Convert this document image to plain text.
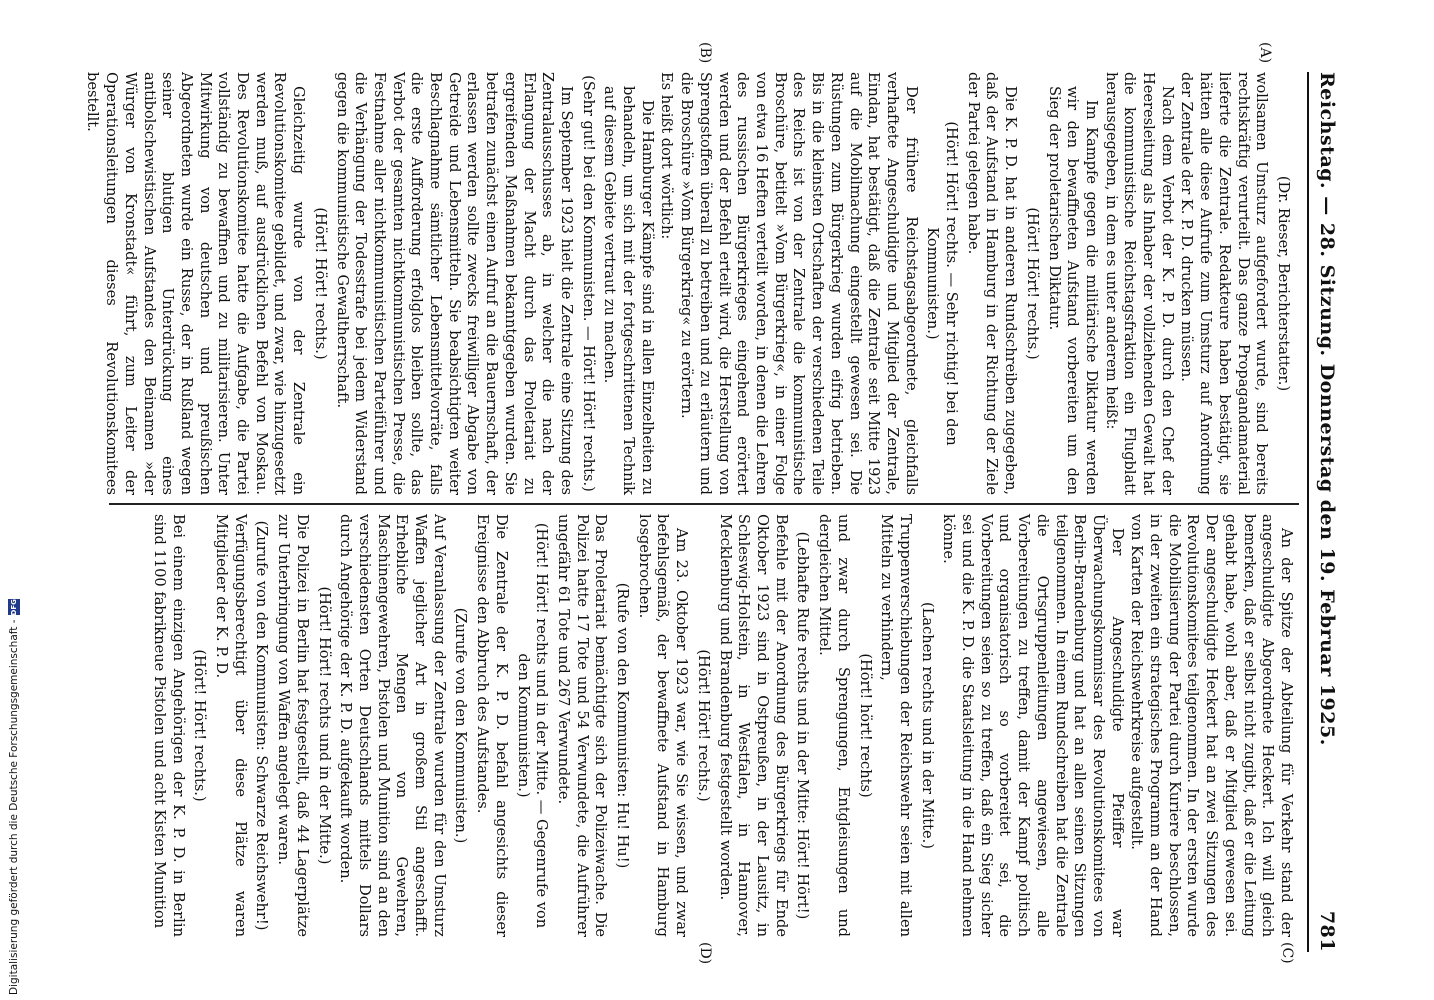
Reichstag. — 28. Sitzung. Donnerstag den 19. Februar 1925.
781
(A)
(B)
(C)
(D)

(Dr. Rieser, Berichterstatter.)

wollsamen Umsturz aufgefordert wurde, sind bereits rechtskräftig verurteilt. Das ganze Propagandamaterial lieferte die Zentrale. Redakteure haben bestätigt, sie hätten alle diese Aufrufe zum Umsturz auf Anordnung der Zentrale der K. P. D. drucken müssen.

Nach dem Verbot der K. P. D. durch den Chef der Heeresleitung als Inhaber der vollziehenden Gewalt hat die kommunistische Reichstagsfraktion ein Flugblatt herausgegeben, in dem es unter anderem heißt:

Im Kampfe gegen die militärische Diktatur werden wir den bewaffneten Aufstand vorbereiten um den Sieg der proletarischen Diktatur.

(Hört! Hört! rechts.)

Die K. P. D. hat in anderen Rundschreiben zugegeben, daß der Aufstand in Hamburg in der Richtung der Ziele der Partei gelegen habe.

(Hört! Hört! rechts. — Sehr richtig! bei den Kommunisten.)

Der frühere Reichstagsabgeordnete, gleichfalls verhaftete Angeschuldigte und Mitglied der Zentrale, Eindan, hat bestätigt, daß die Zentrale seit Mitte 1923 auf die Mobilmachung eingestellt gewesen sei. Die Rüstungen zum Bürgerkrieg wurden eifrig betrieben. Bis in die kleinsten Ortschaften der verschiedenen Teile des Reichs ist von der Zentrale die kommunistische Broschüre, betitelt »Vom Bürgerkrieg«, in einer Folge von etwa 16 Heften verteilt worden, in denen die Lehren des russischen Bürgerkrieges eingehend erörtert werden und der Befehl erteilt wird, die Herstellung von Sprengstoffen überall zu betreiben und zu erläutern und die Broschüre »Vom Bürgerkrieg« zu erörtern.

Es heißt dort wörtlich:

Die Hamburger Kämpfe sind in allen Einzelheiten zu behandeln, um sich mit der fortgeschrittenen Technik auf diesem Gebiete vertraut zu machen.

(Sehr gut! bei den Kommunisten. — Hört! Hört! rechts.)

Im September 1923 hielt die Zentrale eine Sitzung des Zentralausschusses ab, in welcher die nach der Erlangung der Macht durch das Proletariat zu ergreifenden Maßnahmen bekanntgegeben wurden. Sie betrafen zunächst einen Aufruf an die Bauernschaft, der erlassen werden sollte zwecks freiwilliger Abgabe von Getreide und Lebensmitteln. Sie beabsichtigten weiter Beschlagnahme sämtlicher Lebensmittelvorräte, falls die erste Aufforderung erfolglos bleiben sollte, das Verbot der gesamten nichtkommunistischen Presse, die Festnahme aller nichtkommunistischen Parteiführer und die Verhängung der Todesstrafe bei jedem Widerstand gegen die kommunistische Gewaltherrschaft.

(Hört! Hört! rechts.)

Gleichzeitig wurde von der Zentrale ein Revolutionskomitee gebildet, und zwar, wie hinzugesetzt werden muß, auf ausdrücklichen Befehl von Moskau. Des Revolutionskomitee hatte die Aufgabe, die Partei vollständig zu bewaffnen und zu militarisieren. Unter Mitwirkung von deutschen und preußischen Abgeordneten wurde ein Russe, der in Rußland wegen seiner blutigen Unterdrückung eines antibolschewistischen Aufstandes den Beinamen »der Würger von Kronstadt« führt, zum Leiter der Operationsleitungen dieses Revolutionskomitees bestellt.

An der Spitze der Abteilung für Verkehr stand der angeschuldigte Abgeordnete Heckert. Ich will gleich bemerken, daß er selbst nicht zugibt, daß er die Leitung gehabt habe, wohl aber, daß er Mitglied gewesen sei. Der angeschuldigte Heckert hat an zwei Sitzungen des Revolutionskomitees teilgenommen. In der ersten wurde die Mobilisierung der Partei durch Kuriere beschlossen, in der zweiten ein strategisches Programm an der Hand von Karten der Reichswehrkreise aufgestellt.

Der Angeschuldigte Pfeiffer war Überwachungskommissar des Revolutionskomitees von Berlin-Brandenburg und hat an allen seinen Sitzungen teilgenommen. In einem Rundschreiben hat die Zentrale die Ortsgruppenleitungen angewiesen, alle Vorbereitungen zu treffen, damit der Kampf politisch und organisatorisch so vorbereitet sei, die Vorbereitungen seien so zu treffen, daß ein Sieg sicher sei und die K. P. D. die Staatsleitung in die Hand nehmen könne.

(Lachen rechts und in der Mitte.)

Truppenverschiebungen der Reichswehr seien mit allen Mitteln zu verhindern,

(Hört! hört! rechts)

und zwar durch Sprengungen, Entgleisungen und dergleichen Mittel.

(Lebhafte Rufe rechts und in der Mitte: Hört! Hört!)

Befehle mit der Anordnung des Bürgerkriegs für Ende Oktober 1923 sind in Ostpreußen, in der Lausitz, in Schleswig-Holstein, in Westfalen, in Hannover, Mecklenburg und Brandenburg festgestellt worden.

(Hört! Hört! rechts.)

Am 23. Oktober 1923 war, wie Sie wissen, und zwar befehlsgemäß, der bewaffnete Aufstand in Hamburg losgebrochen.

(Rufe von den Kommunisten: Hu! Hu!)

Das Proletariat bemächtigte sich der Polizeiwache. Die Polizei hatte 17 Tote und 54 Verwundete, die Aufrührer ungefähr 61 Tote und 267 Verwundete.

(Hört! Hört! rechts und in der Mitte. — Gegenrufe von den Kommunisten.)

Die Zentrale der K. P. D. befahl angesichts dieser Ereignisse den Abbruch des Aufstandes.

(Zurufe von den Kommunisten.)

Auf Veranlassung der Zentrale wurden für den Umsturz Waffen jeglicher Art in großem Stil angeschafft. Erhebliche Mengen von Gewehren, Maschinengewehren, Pistolen und Munition sind an den verschiedensten Orten Deutschlands mittels Dollars durch Angehörige der K. P. D. aufgekauft worden.

(Hört! Hört! rechts und in der Mitte.)

Die Polizei in Berlin hat festgestellt, daß 44 Lagerplätze zur Unterbringung von Waffen angelegt waren.

(Zurufe von den Kommunisten: Schwarze Reichswehr!)

Verfügungsberechtigt über diese Plätze waren Mitglieder der K. P. D.

(Hört! Hört! rechts.)

Bei einem einzigen Angehörigen der K. P. D. in Berlin sind 1100 fabrikneue Pistolen und acht Kisten Munition

Digitalisierung gefördert durch die Deutsche Forschungsgemeinschaft -
DFG
